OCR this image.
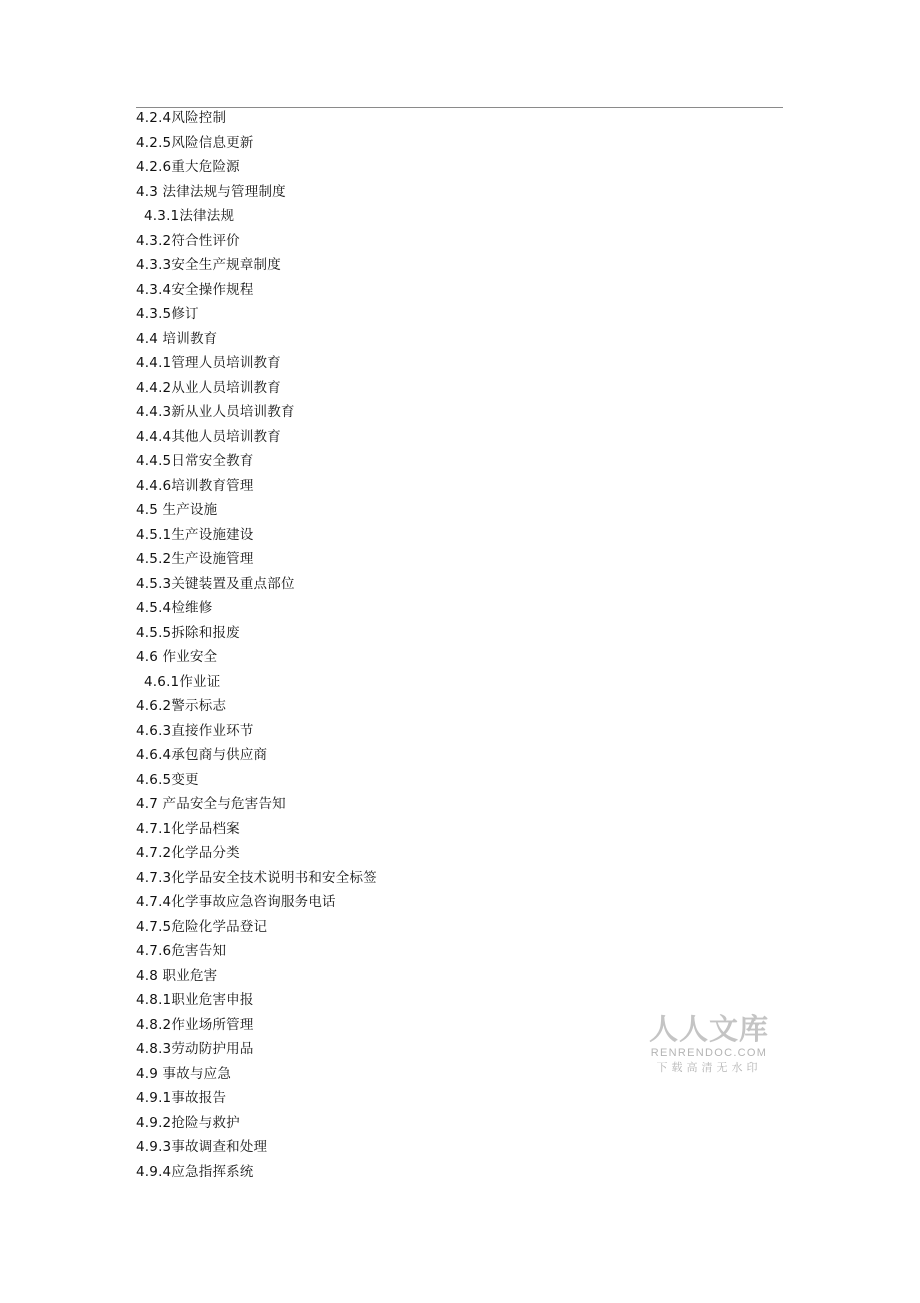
4.2.4风险控制
4.2.5风险信息更新
4.2.6重大危险源
4.3 法律法规与管理制度
4.3.1法律法规
4.3.2符合性评价
4.3.3安全生产规章制度
4.3.4安全操作规程
4.3.5修订
4.4 培训教育
4.4.1管理人员培训教育
4.4.2从业人员培训教育
4.4.3新从业人员培训教育
4.4.4其他人员培训教育
4.4.5日常安全教育
4.4.6培训教育管理
4.5 生产设施
4.5.1生产设施建设
4.5.2生产设施管理
4.5.3关键装置及重点部位
4.5.4检维修
4.5.5拆除和报废
4.6 作业安全
4.6.1作业证
4.6.2警示标志
4.6.3直接作业环节
4.6.4承包商与供应商
4.6.5变更
4.7 产品安全与危害告知
4.7.1化学品档案
4.7.2化学品分类
4.7.3化学品安全技术说明书和安全标签
4.7.4化学事故应急咨询服务电话
4.7.5危险化学品登记
4.7.6危害告知
4.8 职业危害
4.8.1职业危害申报
4.8.2作业场所管理
4.8.3劳动防护用品
4.9 事故与应急
4.9.1事故报告
4.9.2抢险与救护
4.9.3事故调查和处理
4.9.4应急指挥系统
人人文库
RENRENDOC.COM
下载高清无水印
